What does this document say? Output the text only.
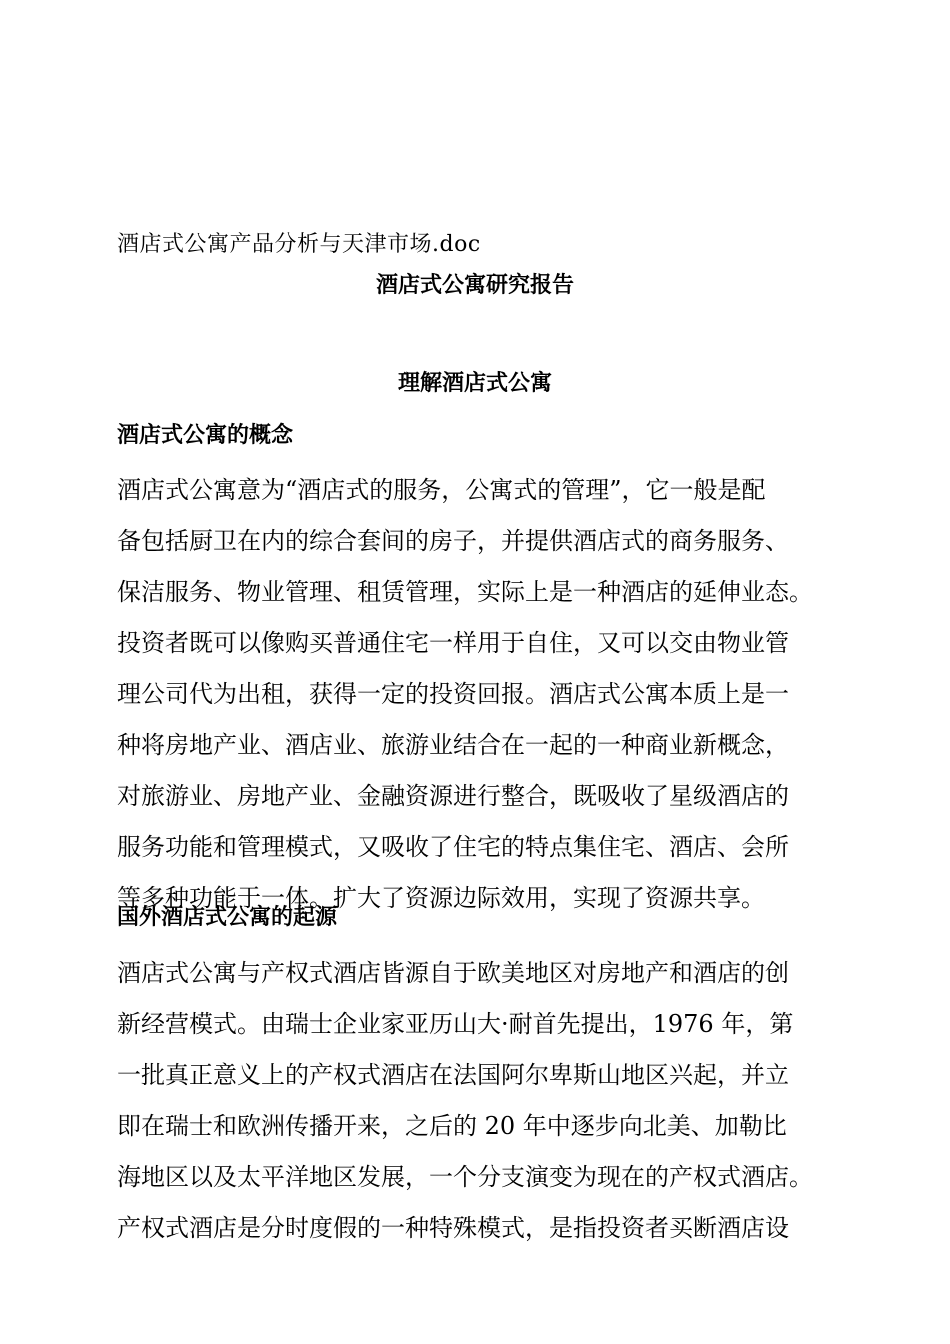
酒店式公寓产品分析与天津市场.doc
酒店式公寓研究报告
理解酒店式公寓
酒店式公寓的概念
酒店式公寓意为“酒店式的服务，公寓式的管理”，它一般是配
备包括厨卫在内的综合套间的房子，并提供酒店式的商务服务、
保洁服务、物业管理、租赁管理，实际上是一种酒店的延伸业态。
投资者既可以像购买普通住宅一样用于自住，又可以交由物业管
理公司代为出租，获得一定的投资回报。酒店式公寓本质上是一
种将房地产业、酒店业、旅游业结合在一起的一种商业新概念，
对旅游业、房地产业、金融资源进行整合，既吸收了星级酒店的
服务功能和管理模式，又吸收了住宅的特点集住宅、酒店、会所
等多种功能于一体。扩大了资源边际效用，实现了资源共享。
国外酒店式公寓的起源
酒店式公寓与产权式酒店皆源自于欧美地区对房地产和酒店的创
新经营模式。由瑞士企业家亚历山大·耐首先提出，1976 年，第
一批真正意义上的产权式酒店在法国阿尔卑斯山地区兴起，并立
即在瑞士和欧洲传播开来，之后的 20 年中逐步向北美、加勒比
海地区以及太平洋地区发展，一个分支演变为现在的产权式酒店。
产权式酒店是分时度假的一种特殊模式，是指投资者买断酒店设
